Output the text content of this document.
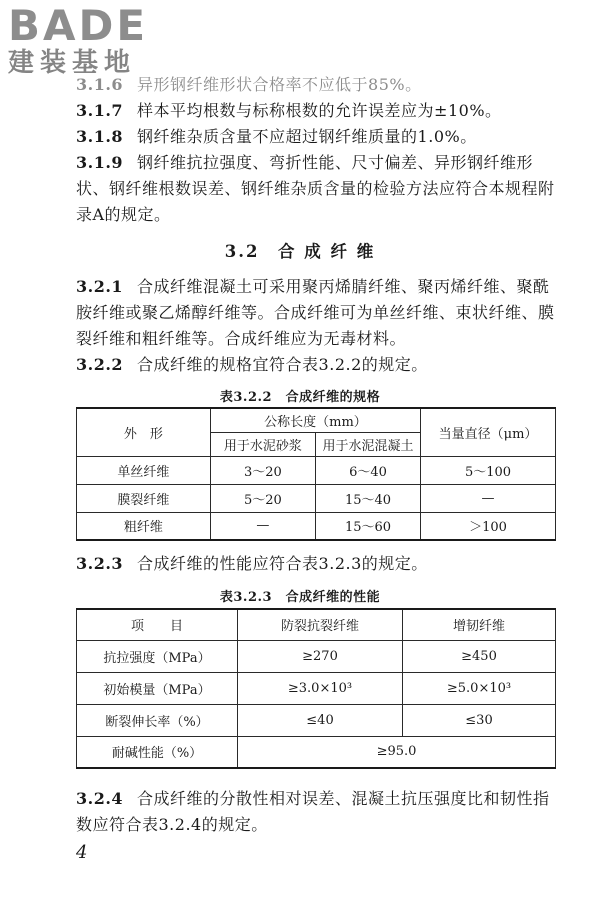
BADE
建装基地
3.1.6 异形钢纤维形状合格率不应低于85%。
3.1.7 样本平均根数与标称根数的允许误差应为±10%。
3.1.8 钢纤维杂质含量不应超过钢纤维质量的1.0%。
3.1.9 钢纤维抗拉强度、弯折性能、尺寸偏差、异形钢纤维形状、钢纤维根数误差、钢纤维杂质含量的检验方法应符合本规程附录A的规定。
3.2　合 成 纤 维
3.2.1 合成纤维混凝土可采用聚丙烯腈纤维、聚丙烯纤维、聚酰胺纤维或聚乙烯醇纤维等。合成纤维可为单丝纤维、束状纤维、膜裂纤维和粗纤维等。合成纤维应为无毒材料。
3.2.2 合成纤维的规格宜符合表3.2.2的规定。
表3.2.2　合成纤维的规格
外　形	公称长度（mm）		当量直径（μm）
	用于水泥砂浆	用于水泥混凝土	
单丝纤维	3～20	6～40	5～100
膜裂纤维	5～20	15～40	—
粗纤维	—	15～60	＞100
3.2.3 合成纤维的性能应符合表3.2.3的规定。
表3.2.3　合成纤维的性能
项　　目	防裂抗裂纤维	增韧纤维
抗拉强度（MPa）	≥270	≥450
初始模量（MPa）	≥3.0×10³	≥5.0×10³
断裂伸长率（%）	≤40	≤30
耐碱性能（%）	≥95.0	
3.2.4 合成纤维的分散性相对误差、混凝土抗压强度比和韧性指数应符合表3.2.4的规定。
4
